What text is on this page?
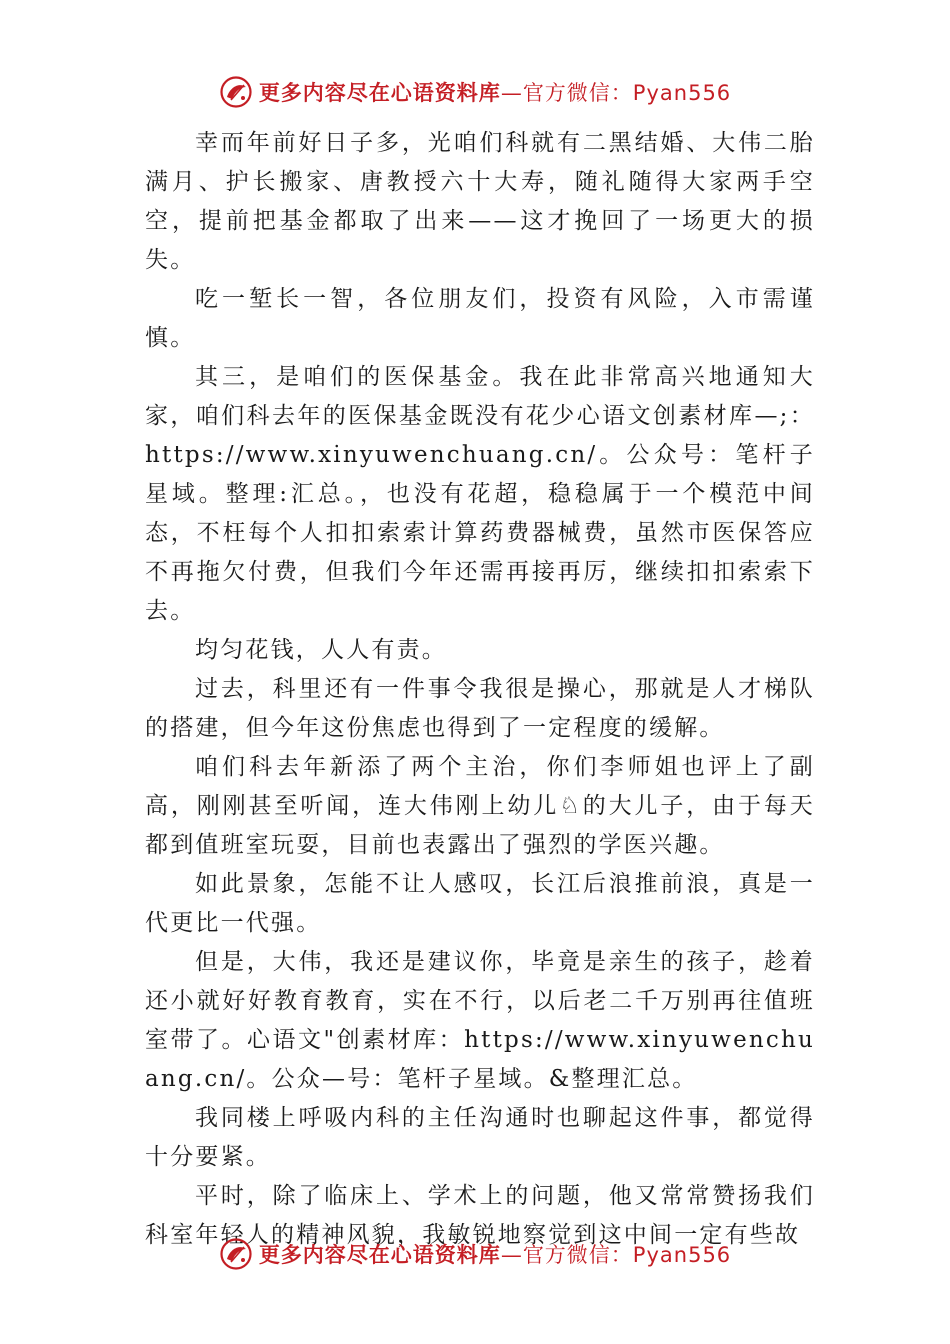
更多内容尽在心语资料库—官方微信：Pyan556

幸而年前好日子多，光咱们科就有二黑结婚、大伟二胎满月、护长搬家、唐教授六十大寿，随礼随得大家两手空空，提前把基金都取了出来——这才挽回了一场更大的损失。

吃一堑长一智，各位朋友们，投资有风险，入市需谨慎。

其三，是咱们的医保基金。我在此非常高兴地通知大家，咱们科去年的医保基金既没有花少心语文创素材库—;：https://www.xinyuwenchuang.cn/。公众号：笔杆子星域。整理:汇总。，也没有花超，稳稳属于一个模范中间态，不枉每个人扣扣索索计算药费器械费，虽然市医保答应不再拖欠付费，但我们今年还需再接再厉，继续扣扣索索下去。

均匀花钱，人人有责。

过去，科里还有一件事令我很是操心，那就是人才梯队的搭建，但今年这份焦虑也得到了一定程度的缓解。

咱们科去年新添了两个主治，你们李师姐也评上了副高，刚刚甚至听闻，连大伟刚上幼儿♘的大儿子，由于每天都到值班室玩耍，目前也表露出了强烈的学医兴趣。

如此景象，怎能不让人感叹，长江后浪推前浪，真是一代更比一代强。

但是，大伟，我还是建议你，毕竟是亲生的孩子，趁着还小就好好教育教育，实在不行，以后老二千万别再往值班室带了。心语文"创素材库：https://www.xinyuwenchuang.cn/。公众—号：笔杆子星域。&整理汇总。

我同楼上呼吸内科的主任沟通时也聊起这件事，都觉得十分要紧。

平时，除了临床上、学术上的问题，他又常常赞扬我们科室年轻人的精神风貌，我敏锐地察觉到这中间一定有些故

更多内容尽在心语资料库—官方微信：Pyan556
